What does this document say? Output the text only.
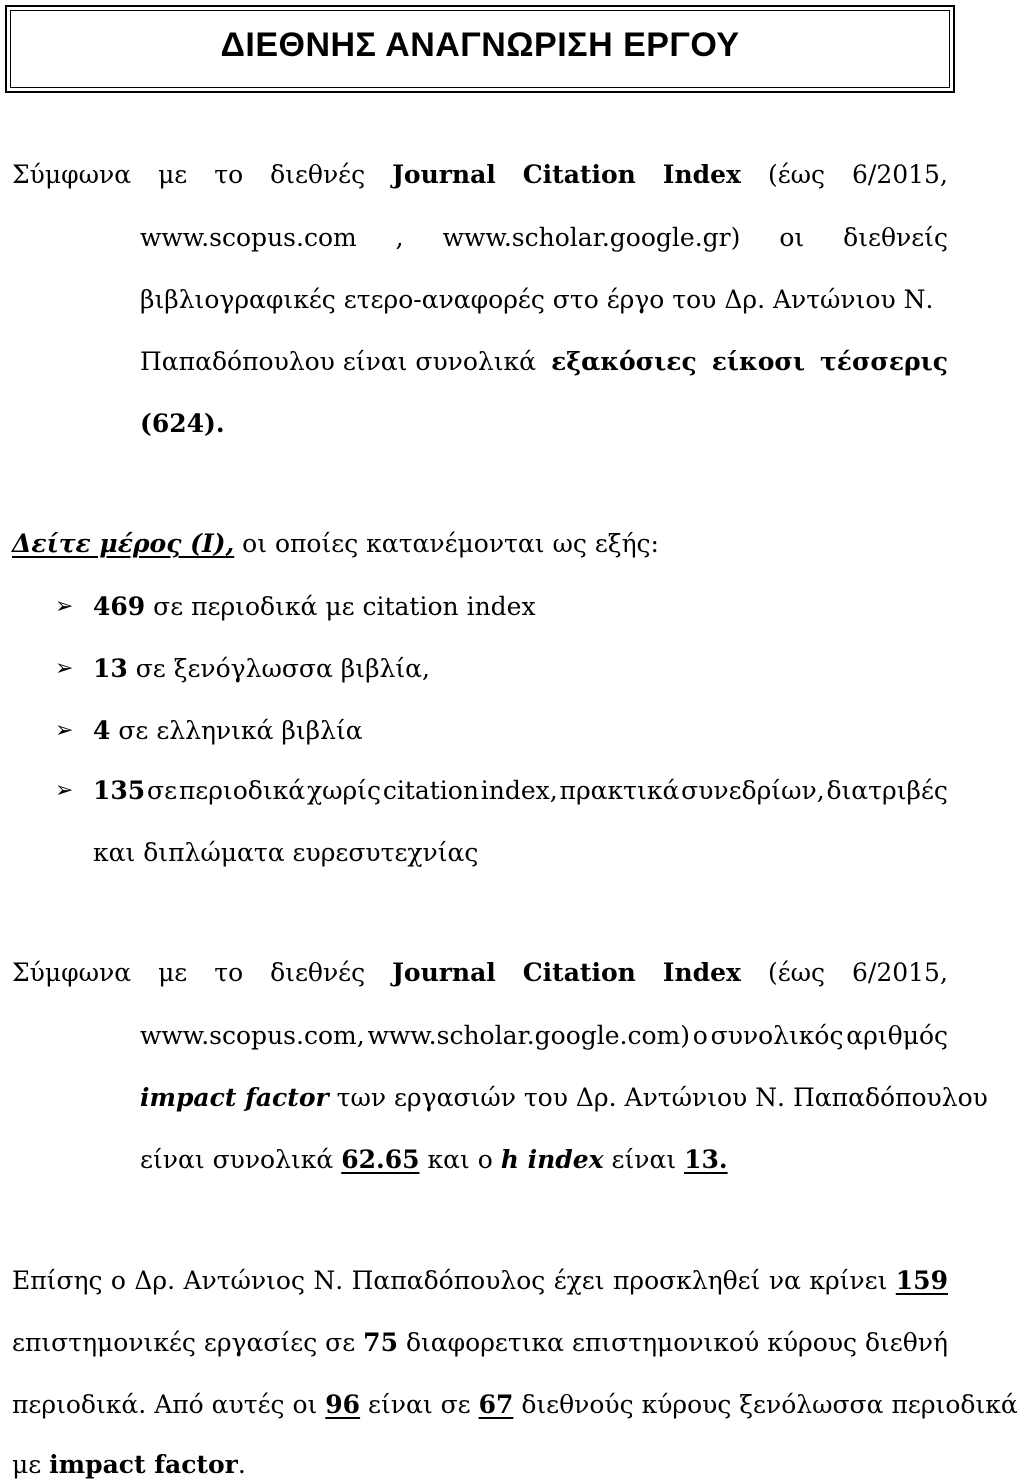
ΔΙΕΘΝΗΣ ΑΝΑΓΝΩΡΙΣΗ ΕΡΓΟΥ
Σύμφωνα με το διεθνές Journal Citation Index (έως 6/2015,
www.scopus.com , www.scholar.google.gr) οι διεθνείς
βιβλιογραφικές ετερο-αναφορές στο έργο του Δρ. Αντώνιου Ν.
Παπαδόπουλου είναι συνολικά εξακόσιες είκοσι τέσσερις
(624).
Δείτε μέρος (Ι), οι οποίες κατανέμονται ως εξής:
➢ 469 σε περιοδικά με citation index
➢ 13 σε ξενόγλωσσα βιβλία,
➢ 4 σε ελληνικά βιβλία
➢ 135 σε περιοδικά χωρίς citation index, πρακτικά συνεδρίων, διατριβές
και διπλώματα ευρεσυτεχνίας
Σύμφωνα με το διεθνές Journal Citation Index (έως 6/2015,
www.scopus.com, www.scholar.google.com) ο συνολικός αριθμός
impact factor των εργασιών του Δρ. Αντώνιου Ν. Παπαδόπουλου
είναι συνολικά 62.65 και ο h index είναι 13.
Επίσης ο Δρ. Αντώνιος Ν. Παπαδόπουλος έχει προσκληθεί να κρίνει 159
επιστημονικές εργασίες σε 75 διαφορετικα επιστημονικού κύρους διεθνή
περιοδικά. Από αυτές οι 96 είναι σε 67 διεθνούς κύρους ξενόλωσσα περιοδικά
με impact factor.
